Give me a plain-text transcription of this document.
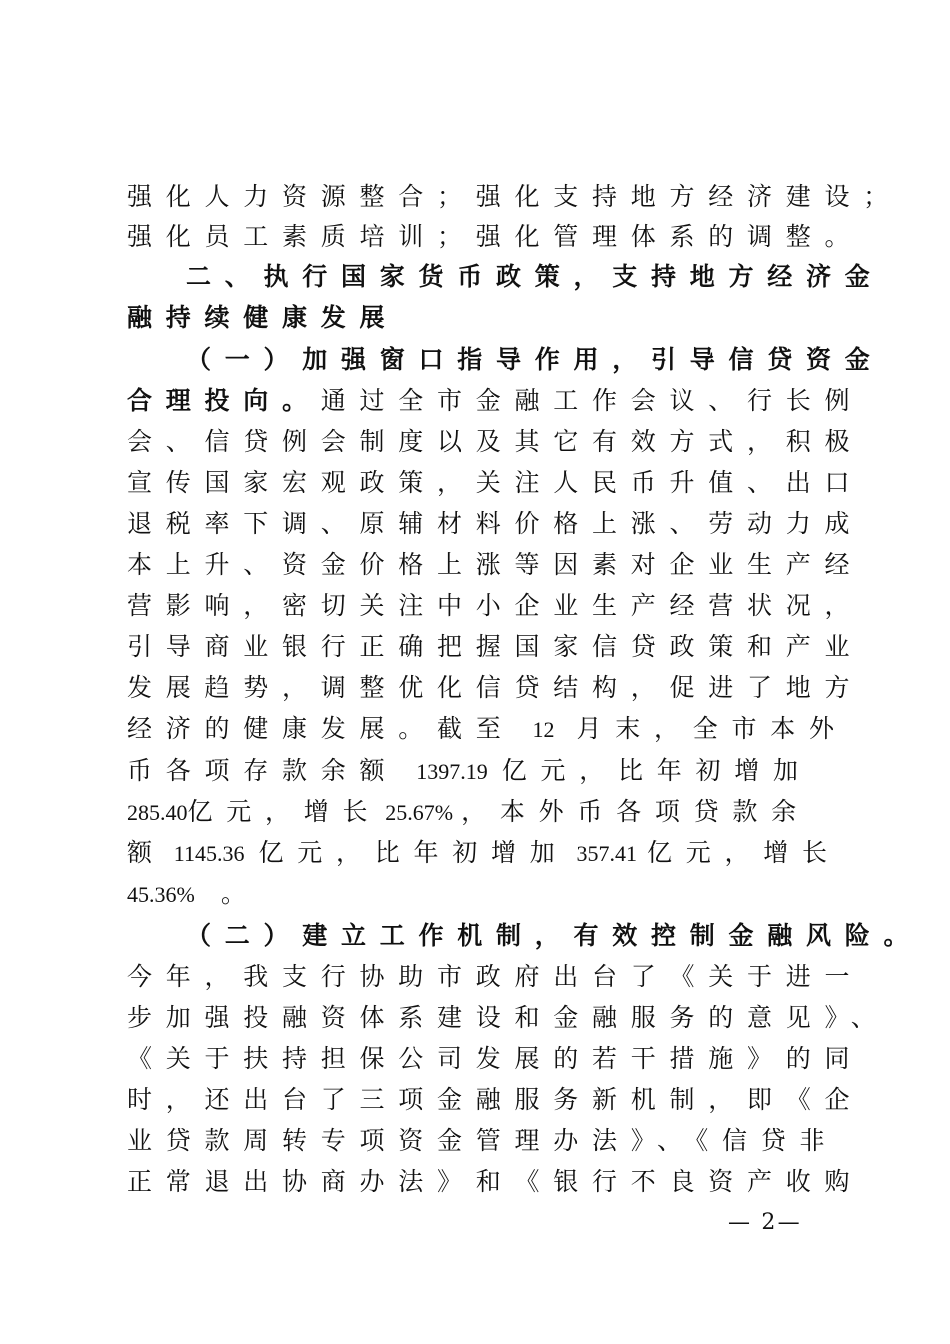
强化人力资源整合；强化支持地方经济建设；
强化员工素质培训；强化管理体系的调整。
二、执行国家货币政策，支持地方经济金
融持续健康发展
（一）加强窗口指导作用，引导信贷资金
合理投向。通过全市金融工作会议、行长例
会、信贷例会制度以及其它有效方式，积极
宣传国家宏观政策，关注人民币升值、出口
退税率下调、原辅材料价格上涨、劳动力成
本上升、资金价格上涨等因素对企业生产经
营影响，密切关注中小企业生产经营状况，
引导商业银行正确把握国家信贷政策和产业
发展趋势，调整优化信贷结构，促进了地方
经济的健康发展。截至 12 月末，全市本外
币各项存款余额 1397.19 亿元，比年初增加
285.40亿元，增长 25.67% ，本外币各项贷款余
额 1145.36 亿元，比年初增加 357.41 亿元，增长
45.36% 。
（二）建立工作机制，有效控制金融风险。
今年，我支行协助市政府出台了《关于进一
步加强投融资体系建设和金融服务的意见》、
《关于扶持担保公司发展的若干措施》的同
时，还出台了三项金融服务新机制，即《企
业贷款周转专项资金管理办法》、《信贷非
正常退出协商办法》和《银行不良资产收购
— 2—
